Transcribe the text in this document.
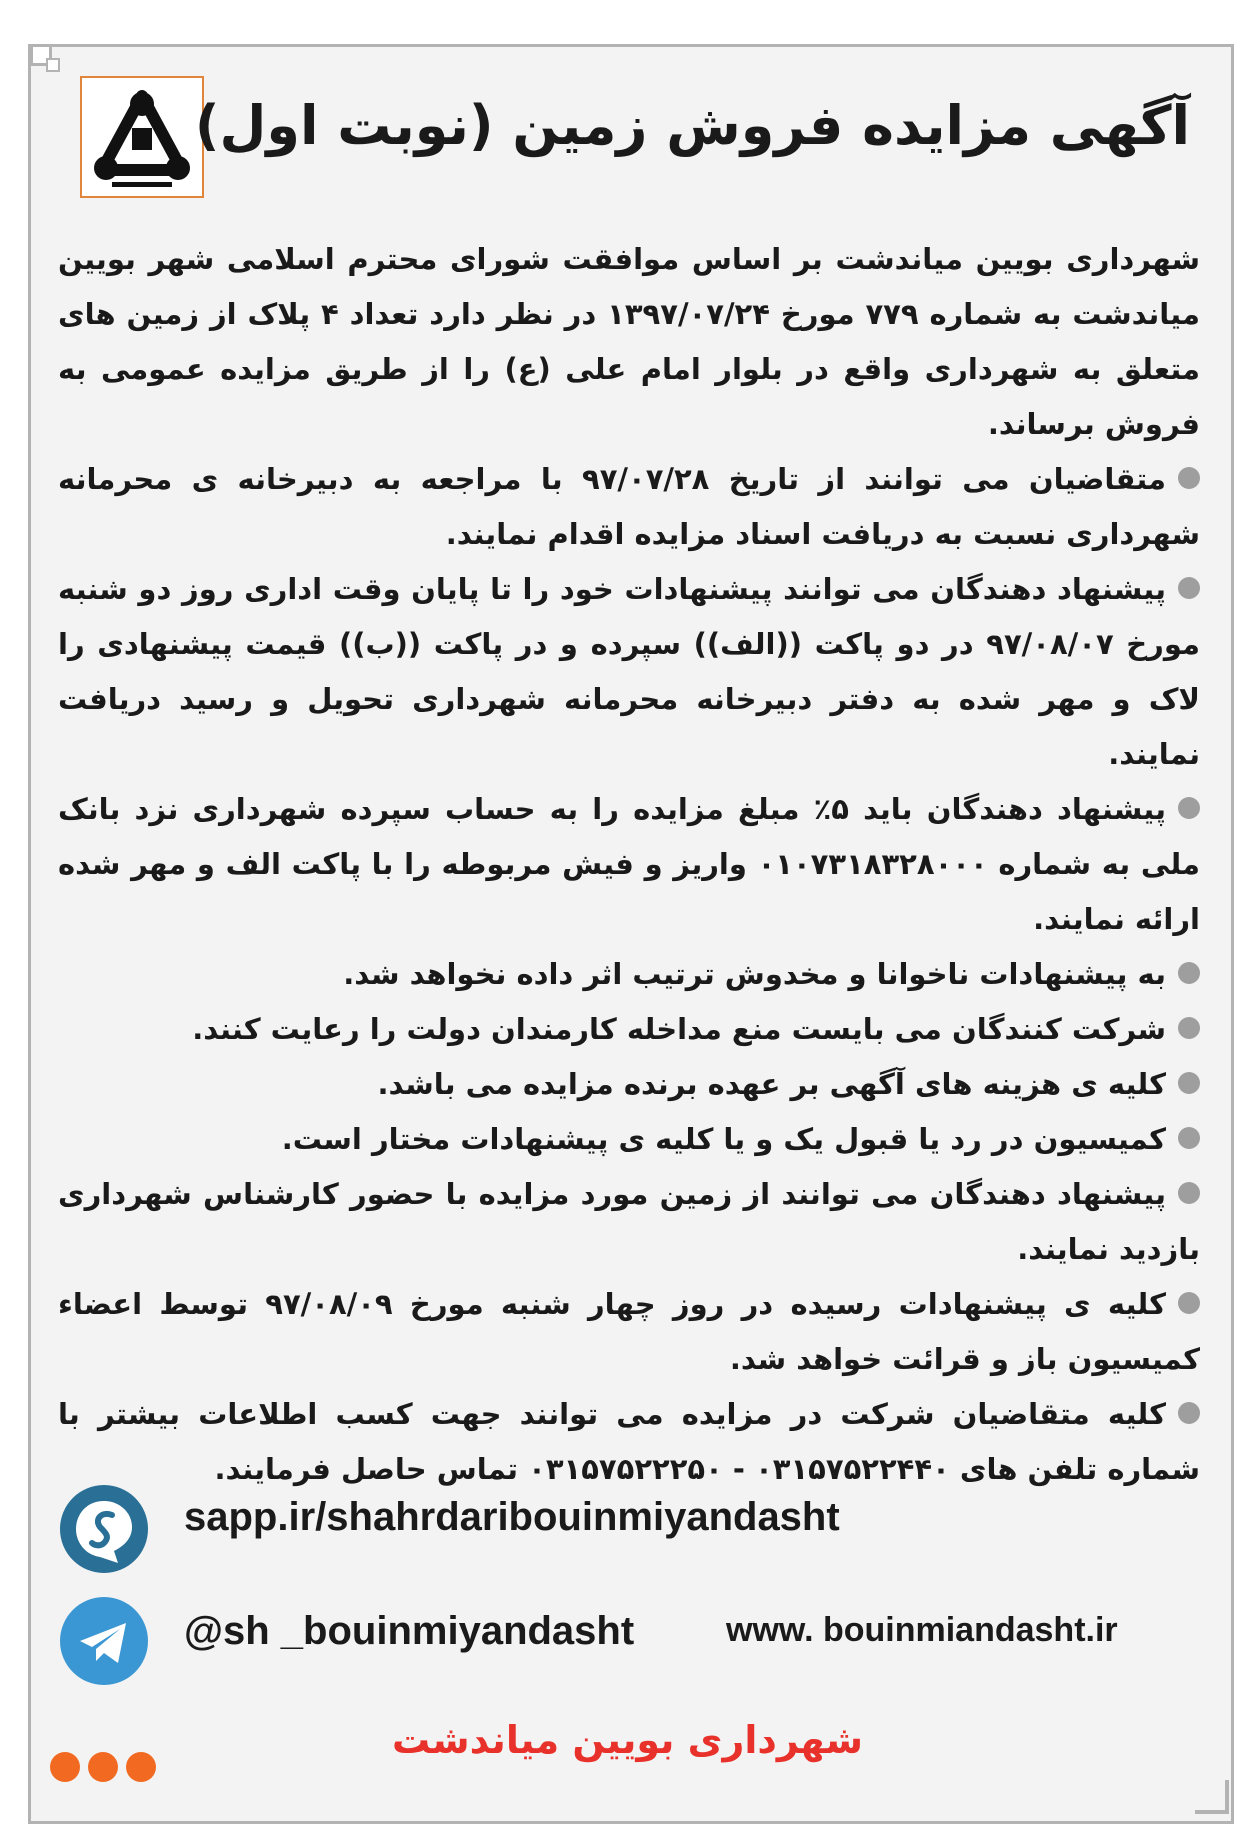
آگهی مزایده فروش زمین (نوبت اول)

شهرداری بویین میاندشت بر اساس موافقت شورای محترم اسلامی شهر بویین میاندشت به شماره ۷۷۹ مورخ ۱۳۹۷/۰۷/۲۴ در نظر دارد تعداد ۴ پلاک از زمین های متعلق به شهرداری واقع در بلوار امام علی (ع) را از طریق مزایده عمومی به فروش برساند.

متقاضیان می توانند از تاریخ ۹۷/۰۷/۲۸ با مراجعه به دبیرخانه ی محرمانه شهرداری نسبت به دریافت اسناد مزایده اقدام نمایند.

پیشنهاد دهندگان می توانند پیشنهادات خود را تا پایان وقت اداری روز دو شنبه مورخ ۹۷/۰۸/۰۷ در دو پاکت ((الف)) سپرده و در پاکت ((ب)) قیمت پیشنهادی را لاک و مهر شده به دفتر دبیرخانه محرمانه شهرداری تحویل و رسید دریافت نمایند.

پیشنهاد دهندگان باید ۵٪ مبلغ مزایده را به حساب سپرده شهرداری نزد بانک ملی به شماره ۰۱۰۷۳۱۸۳۲۸۰۰۰ واریز و فیش مربوطه را با پاکت الف و مهر شده ارائه نمایند.

به پیشنهادات ناخوانا و مخدوش ترتیب اثر داده نخواهد شد.

شرکت کنندگان می بایست منع مداخله کارمندان دولت را رعایت کنند.

کلیه ی هزینه های آگهی بر عهده برنده مزایده می باشد.

کمیسیون در رد یا قبول یک و یا کلیه ی پیشنهادات مختار است.

پیشنهاد دهندگان می توانند از زمین مورد مزایده با حضور کارشناس شهرداری بازدید نمایند.

کلیه ی پیشنهادات رسیده در روز چهار شنبه مورخ ۹۷/۰۸/۰۹ توسط اعضاء کمیسیون باز و قرائت خواهد شد.

کلیه متقاضیان شرکت در مزایده می توانند جهت کسب اطلاعات بیشتر با شماره تلفن های ۰۳۱۵۷۵۲۲۴۴۰ - ۰۳۱۵۷۵۲۲۲۵۰ تماس حاصل فرمایند.

sapp.ir/shahrdaribouinmiyandasht
@sh _bouinmiyandasht	www. bouinmiandasht.ir
شهرداری بویین میاندشت
